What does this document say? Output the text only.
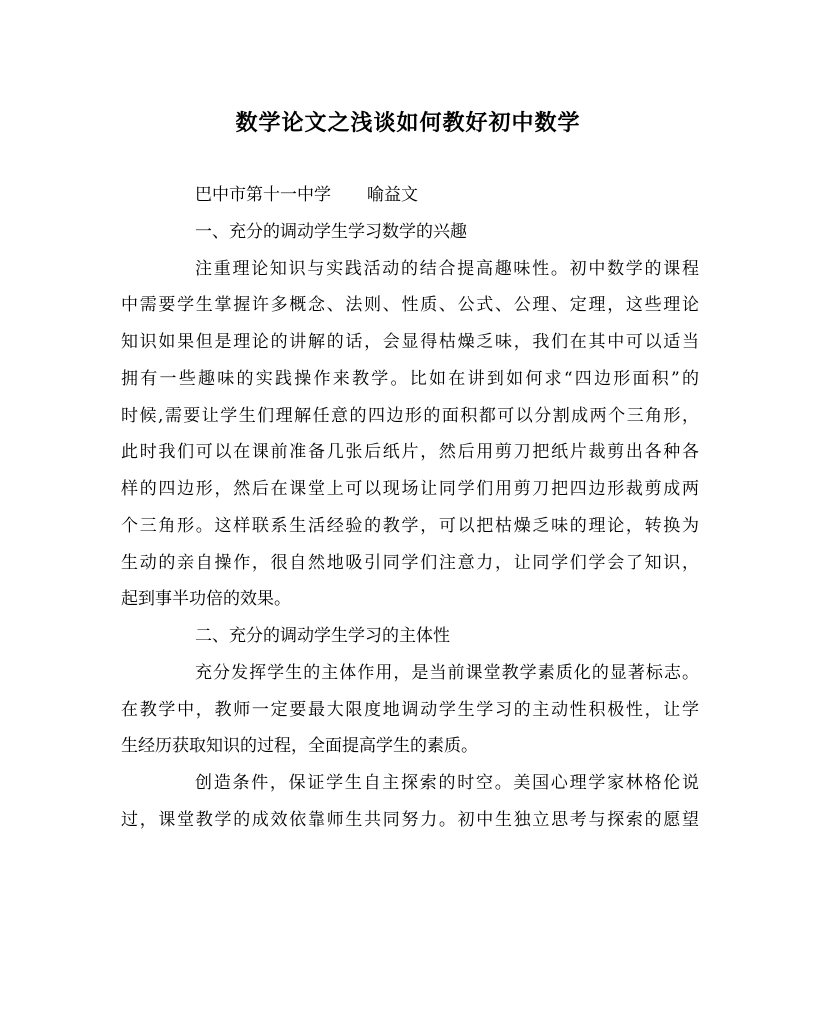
数学论文之浅谈如何教好初中数学
巴中市第十一中学 喻益文
一、充分的调动学生学习数学的兴趣
注重理论知识与实践活动的结合提高趣味性。初中数学的课程
中需要学生掌握许多概念、法则、性质、公式、公理、定理，这些理论
知识如果但是理论的讲解的话，会显得枯燥乏味，我们在其中可以适当
拥有一些趣味的实践操作来教学。比如在讲到如何求“四边形面积”的
时候,需要让学生们理解任意的四边形的面积都可以分割成两个三角形，
此时我们可以在课前准备几张后纸片，然后用剪刀把纸片裁剪出各种各
样的四边形，然后在课堂上可以现场让同学们用剪刀把四边形裁剪成两
个三角形。这样联系生活经验的教学，可以把枯燥乏味的理论，转换为
生动的亲自操作，很自然地吸引同学们注意力，让同学们学会了知识，
起到事半功倍的效果。
二、充分的调动学生学习的主体性
充分发挥学生的主体作用，是当前课堂教学素质化的显著标志。
在教学中，教师一定要最大限度地调动学生学习的主动性积极性，让学
生经历获取知识的过程，全面提高学生的素质。
创造条件，保证学生自主探索的时空。美国心理学家林格伦说
过，课堂教学的成效依靠师生共同努力。初中生独立思考与探索的愿望
